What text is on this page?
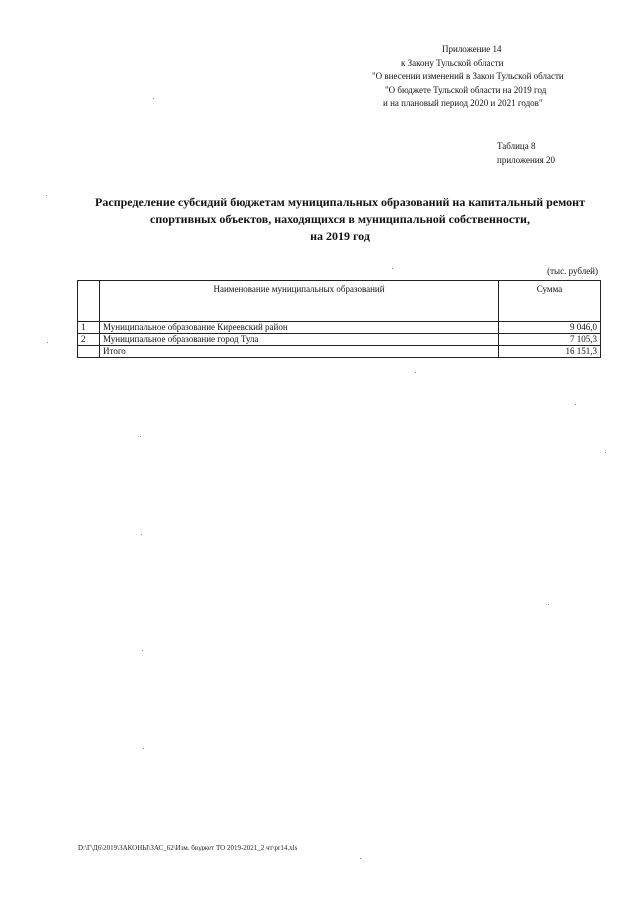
Приложение 14
к Закону Тульской области
"О внесении изменений в Закон Тульской области
"О бюджете Тульской области на 2019 год
и на плановый период 2020 и 2021 годов"
Таблица 8
приложения 20
Распределение субсидий бюджетам муниципальных образований на капитальный ремонт
спортивных объектов, находящихся в муниципальной собственности,
на 2019 год
(тыс. рублей)
	Наименование муниципальных образований	Сумма
1	Муниципальное образование Киреевский район	9 046,0
2	Муниципальное образование город Тула	7 105,3
	Итого	16 151,3
D:\Г\Д6\2019\ЗАКОНЫ\ЗАС_62\Изм. бюджет ТО 2019-2021_2 чт\pr14.xls
